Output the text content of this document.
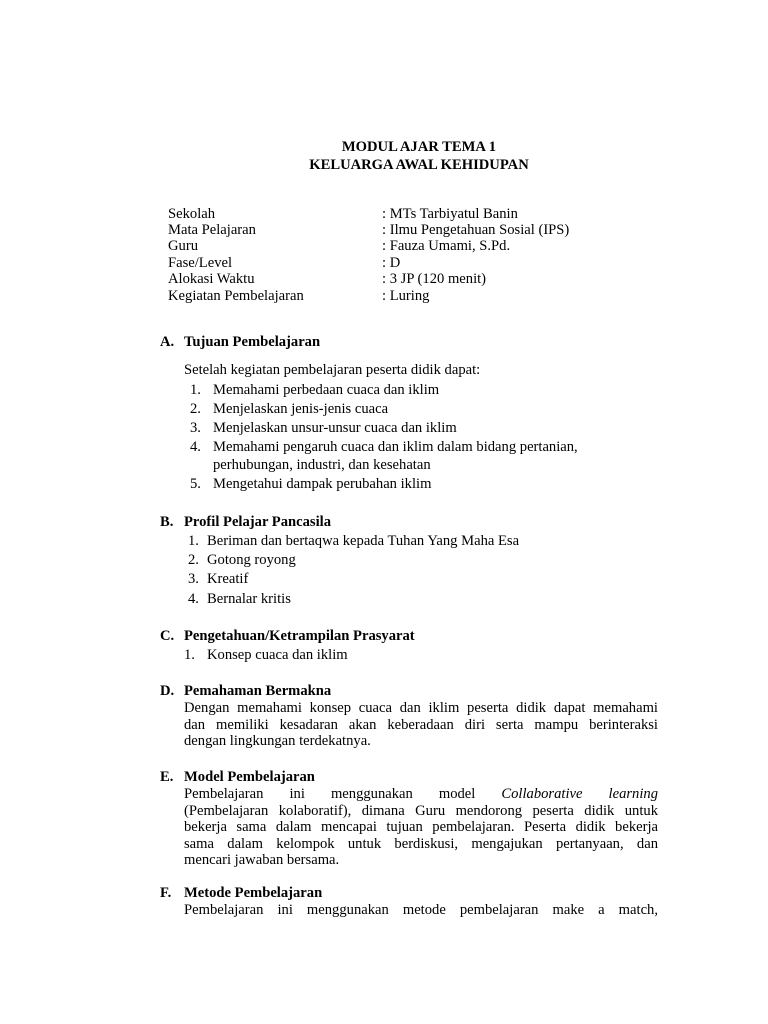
MODUL AJAR TEMA 1
KELUARGA AWAL KEHIDUPAN
Sekolah	: MTs Tarbiyatul Banin
Mata Pelajaran	: Ilmu Pengetahuan Sosial (IPS)
Guru	: Fauza Umami, S.Pd.
Fase/Level	: D
Alokasi Waktu	: 3 JP (120 menit)
Kegiatan Pembelajaran	: Luring
A. Tujuan Pembelajaran
Setelah kegiatan pembelajaran peserta didik dapat:
1. Memahami perbedaan cuaca dan iklim
2. Menjelaskan jenis-jenis cuaca
3. Menjelaskan unsur-unsur cuaca dan iklim
4. Memahami pengaruh cuaca dan iklim dalam bidang pertanian,
perhubungan, industri, dan kesehatan
5. Mengetahui dampak perubahan iklim
B. Profil Pelajar Pancasila
1. Beriman dan bertaqwa kepada Tuhan Yang Maha Esa
2. Gotong royong
3. Kreatif
4. Bernalar kritis
C. Pengetahuan/Ketrampilan Prasyarat
1. Konsep cuaca dan iklim
D. Pemahaman Bermakna
Dengan memahami konsep cuaca dan iklim peserta didik dapat memahami
dan memiliki kesadaran akan keberadaan diri serta mampu berinteraksi
dengan lingkungan terdekatnya.
E. Model Pembelajaran
Pembelajaran ini menggunakan model Collaborative learning
(Pembelajaran kolaboratif), dimana Guru mendorong peserta didik untuk
bekerja sama dalam mencapai tujuan pembelajaran. Peserta didik bekerja
sama dalam kelompok untuk berdiskusi, mengajukan pertanyaan, dan
mencari jawaban bersama.
F. Metode Pembelajaran
Pembelajaran ini menggunakan metode pembelajaran make a match,
